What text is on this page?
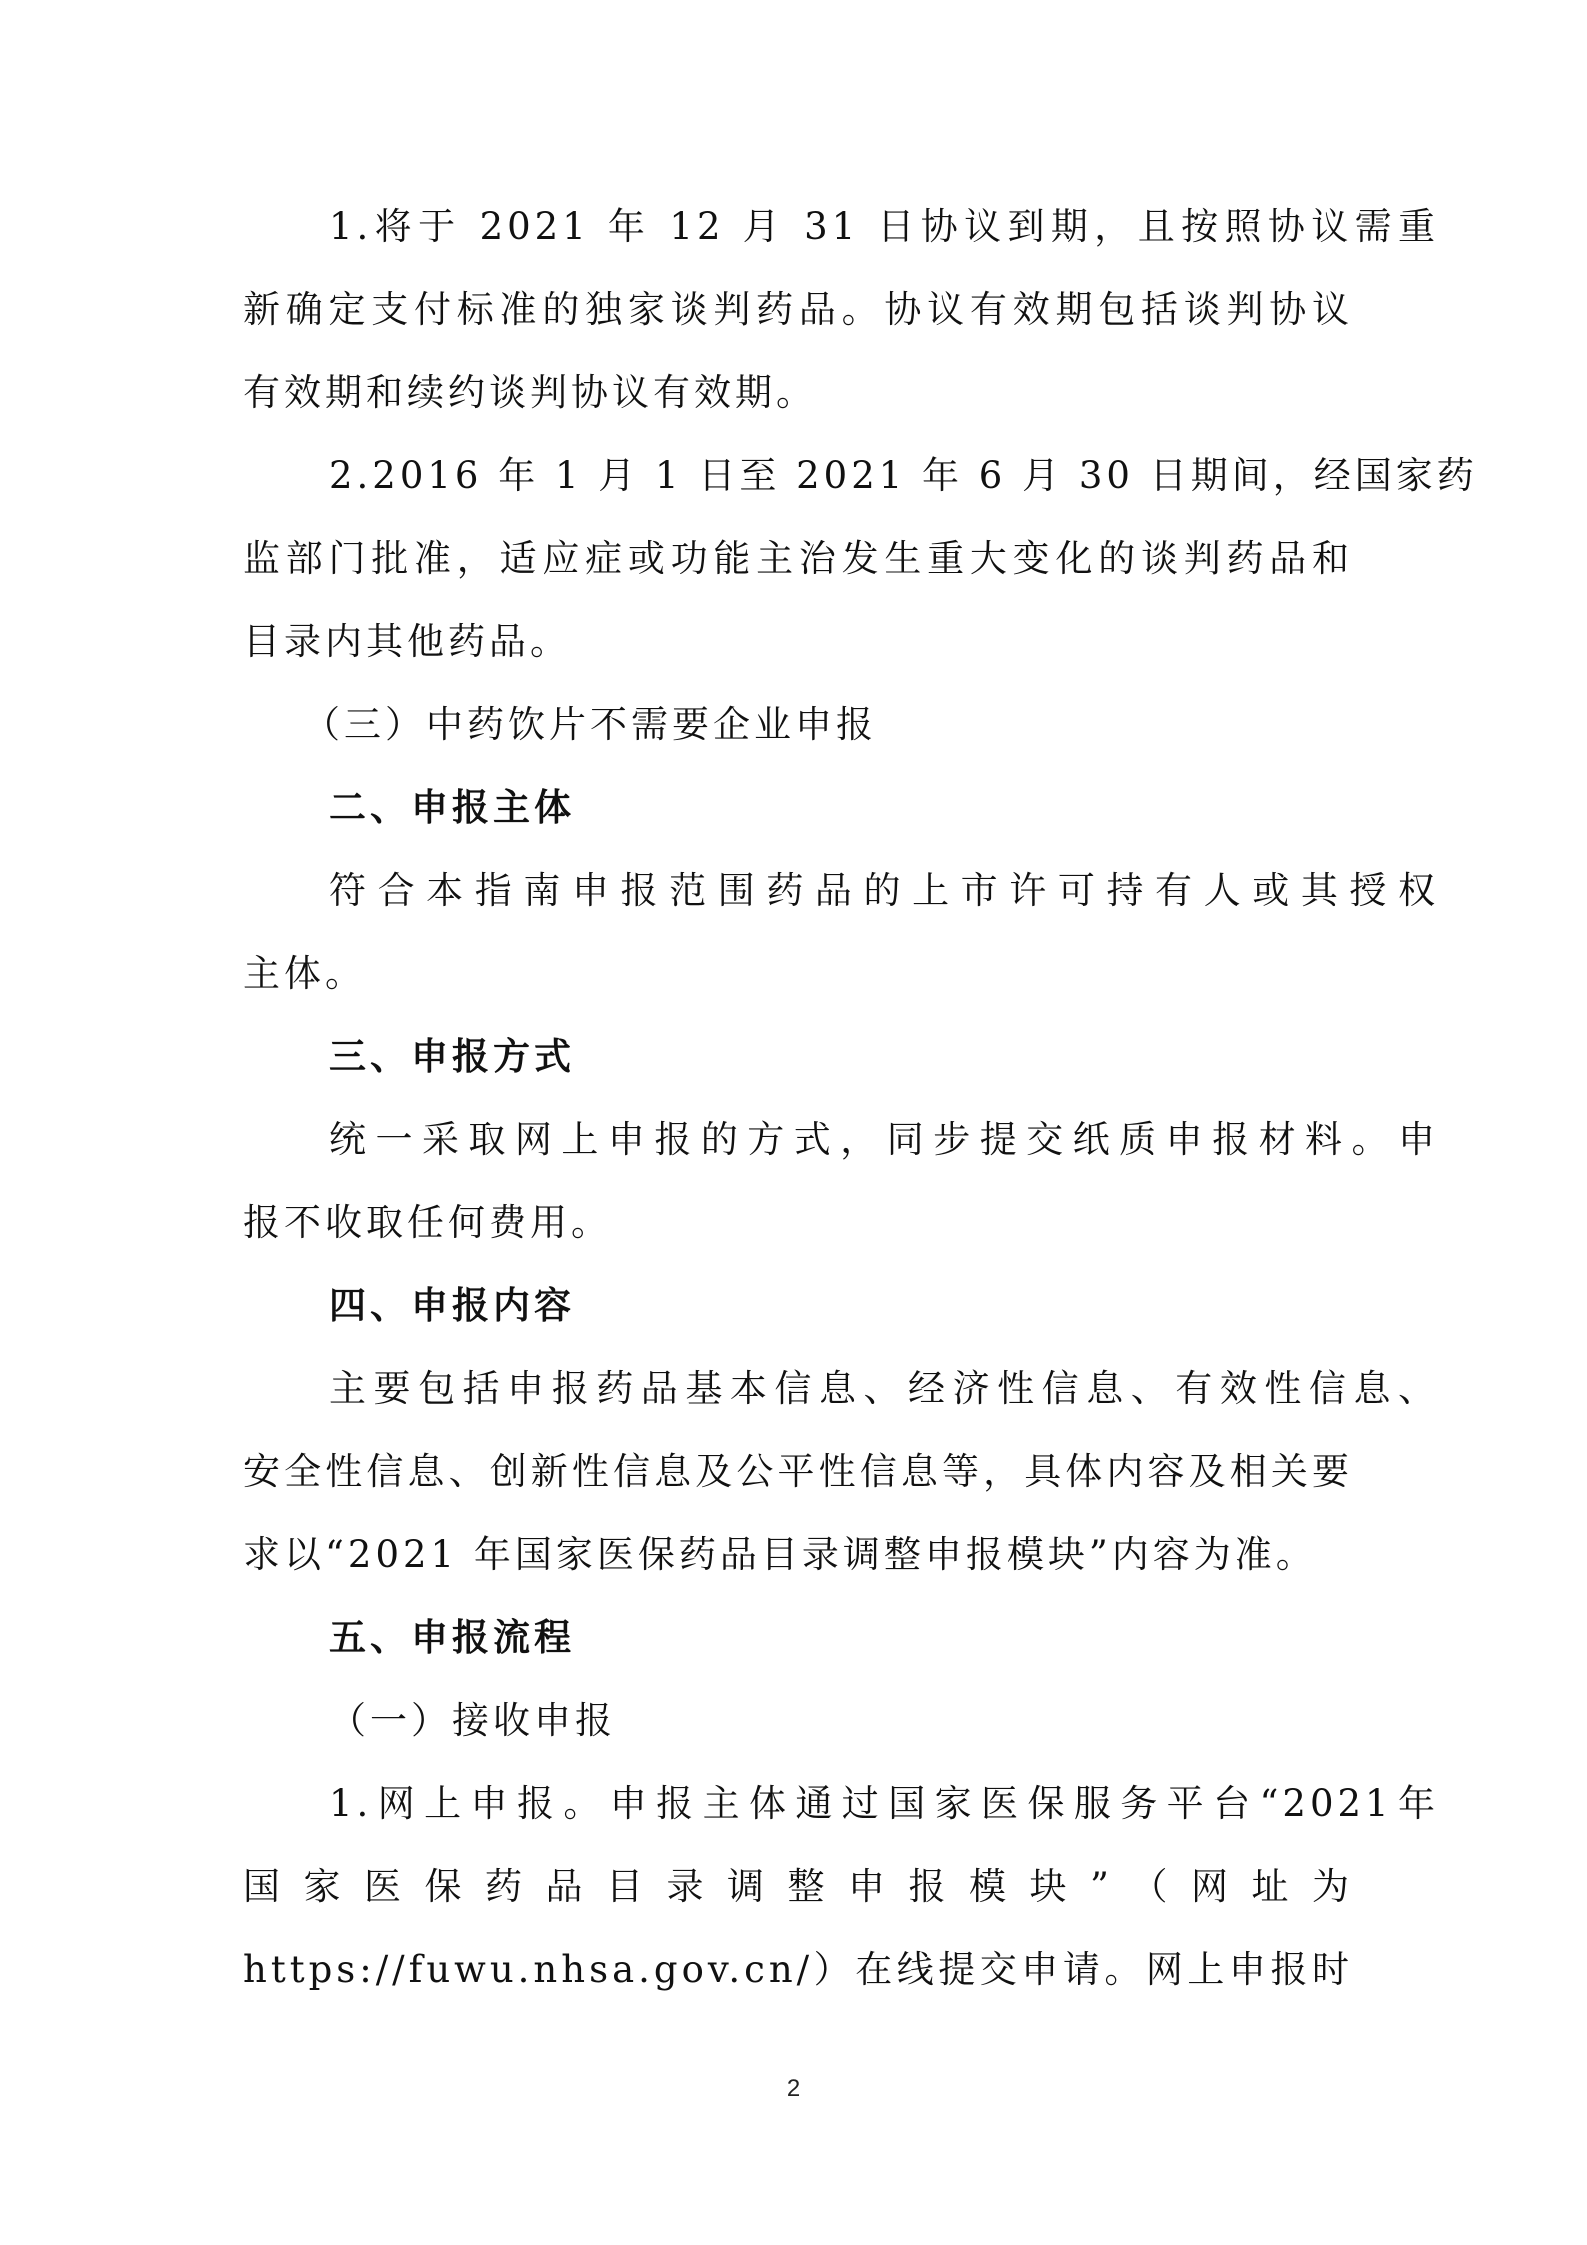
1.将于 2021 年 12 月 31 日协议到期，且按照协议需重
新确定支付标准的独家谈判药品。协议有效期包括谈判协议
有效期和续约谈判协议有效期。
2.2016 年 1 月 1 日至 2021 年 6 月 30 日期间，经国家药
监部门批准，适应症或功能主治发生重大变化的谈判药品和
目录内其他药品。
（三）中药饮片不需要企业申报
二、申报主体
符合本指南申报范围药品的上市许可持有人或其授权
主体。
三、申报方式
统一采取网上申报的方式，同步提交纸质申报材料。申
报不收取任何费用。
四、申报内容
主要包括申报药品基本信息、经济性信息、有效性信息、
安全性信息、创新性信息及公平性信息等，具体内容及相关要
求以“2021 年国家医保药品目录调整申报模块”内容为准。
五、申报流程
（一）接收申报
1.网上申报。申报主体通过国家医保服务平台“2021年
国 家 医 保 药 品 目 录 调 整 申 报 模 块 ” （ 网 址 为
https://fuwu.nhsa.gov.cn/）在线提交申请。网上申报时
2
